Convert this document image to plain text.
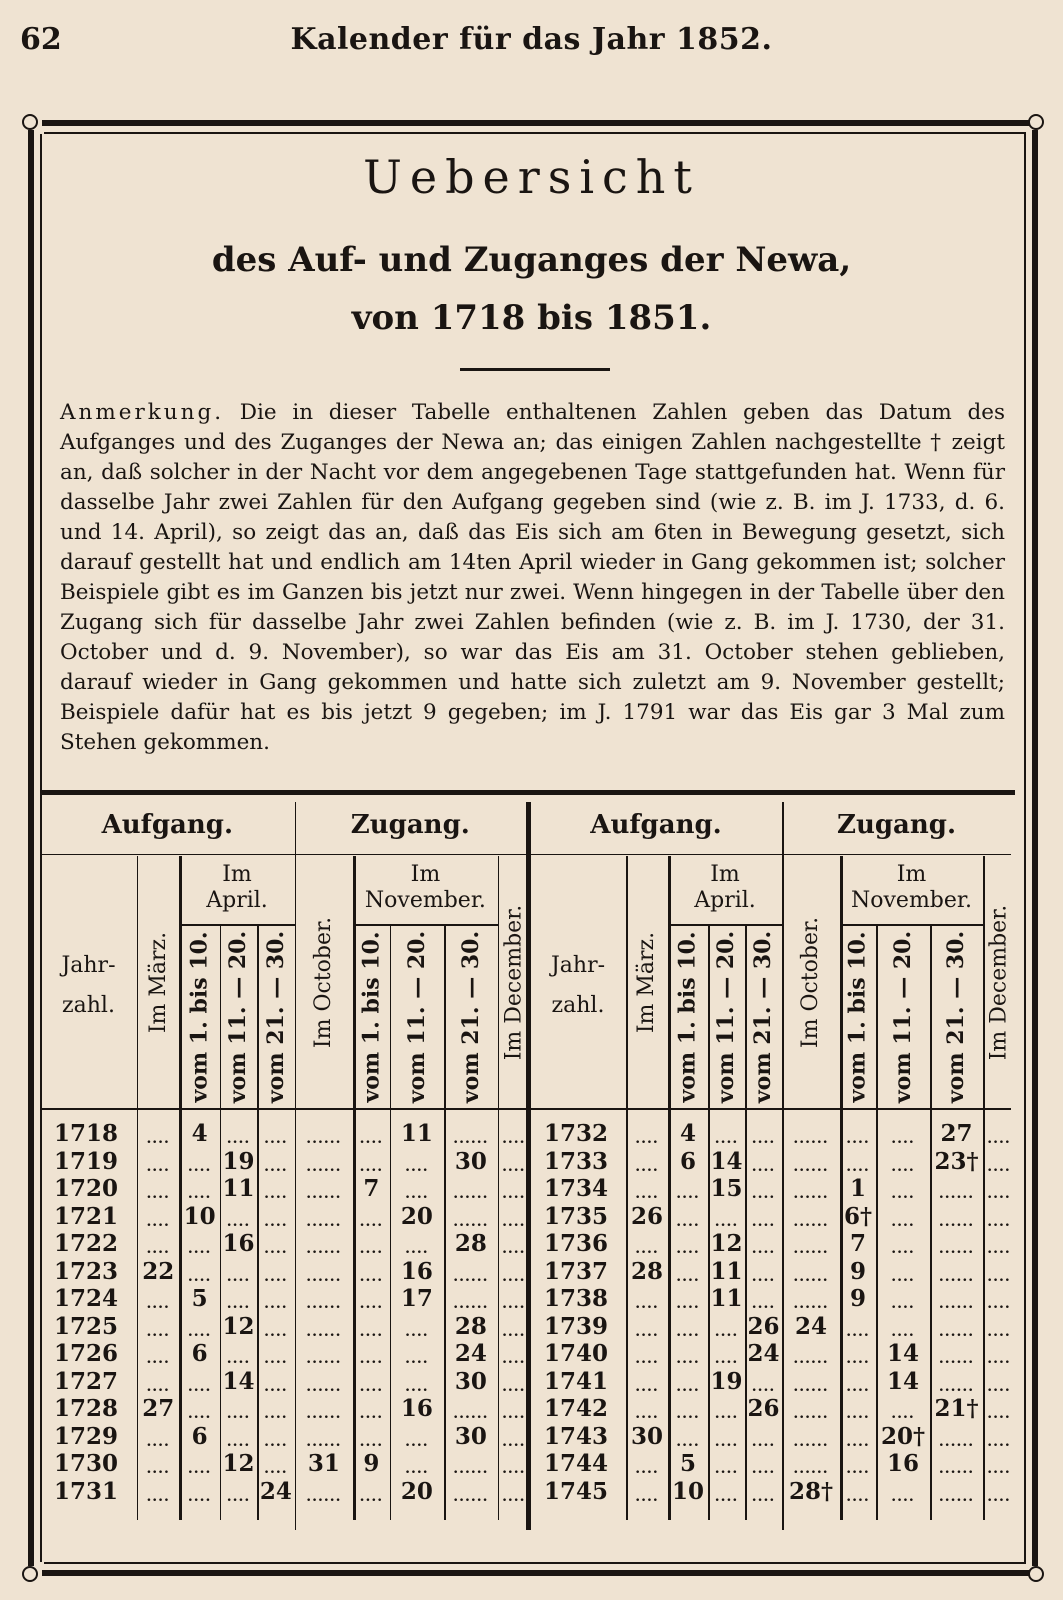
62	Kalender für das Jahr 1852.
Uebersicht
des Auf- und Zuganges der Newa,
von 1718 bis 1851.
Anmerkung. Die in dieser Tabelle enthaltenen Zahlen geben das Datum des Aufganges und des Zuganges der Newa an; das einigen Zahlen nachgestellte † zeigt an, daß solcher in der Nacht vor dem angegebenen Tage stattgefunden hat. Wenn für dasselbe Jahr zwei Zahlen für den Aufgang gegeben sind (wie z. B. im J. 1733, d. 6. und 14. April), so zeigt das an, daß das Eis sich am 6ten in Bewegung gesetzt, sich darauf gestellt hat und endlich am 14ten April wieder in Gang gekommen ist; solcher Beispiele gibt es im Ganzen bis jetzt nur zwei. Wenn hingegen in der Tabelle über den Zugang sich für dasselbe Jahr zwei Zahlen befinden (wie z. B. im J. 1730, der 31. October und d. 9. November), so war das Eis am 31. October stehen geblieben, darauf wieder in Gang gekommen und hatte sich zuletzt am 9. November gestellt; Beispiele dafür hat es bis jetzt 9 gegeben; im J. 1791 war das Eis gar 3 Mal zum Stehen gekommen.
Aufgang.	Zugang.
Im
April.
Im
November.
Jahr-
zahl.	Im März. vom 1. bis 10. vom 11. — 20. vom 21. — 30. Im October. vom 1. bis 10. vom 11. — 20. vom 21. — 30. Im December.
1718	.... 4	.... ....	......	.... 11	...... ....
1719	....	.... 19 ....	......	....	....	30	....
1720	....	.... 11 ....	...... 7	....	...... ....
1721	.... 10 .... ....	......	.... 20	...... ....
1722	....	.... 16 ....	......	....	....	28	....
1723	22 ....	.... ....	......	.... 16	...... ....
1724	.... 5	.... ....	......	.... 17	...... ....
1725	....	.... 12 ....	......	....	....	28	....
1726	.... 6	.... ....	......	....	....	24	....
1727	....	.... 14 ....	......	....	....	30	....
1728	27 ....	.... ....	......	.... 16	...... ....
1729	.... 6	.... ....	......	....	....	30	....
1730	....	.... 12 .... 31	9	....	...... ....
1731	....	....	.... 24	......	.... 20	...... ....
Aufgang.	Zugang.
Im
April.
Im
November.
Jahr-
zahl.	Im März. vom 1. bis 10. vom 11. — 20. vom 21. — 30. Im October. vom 1. bis 10. vom 11. — 20. vom 21. — 30. Im December.
1732	.... 4	.... ....	......	....	....	27	....
1733	.... 6 14 ....	......	....	.... 23† ....
1734	....	.... 15 ....	...... 1	....	...... ....
1735 26 ....	.... ....	...... 6†	....	...... ....
1736	....	.... 12 ....	...... 7	....	...... ....
1737 28 .... 11 ....	...... 9	....	...... ....
1738	....	.... 11 ....	...... 9	....	...... ....
1739	....	....	.... 26 24	....	....	...... ....
1740	....	....	.... 24 ......	.... 14	...... ....
1741	....	.... 19 ....	......	.... 14	...... ....
1742	....	....	.... 26 ......	....	.... 21† ....
1743 30 ....	.... ....	......	.... 20† ...... ....
1744	.... 5	.... ....	......	.... 16	...... ....
1745	.... 10 .... .... 28† ....	....	...... ....
